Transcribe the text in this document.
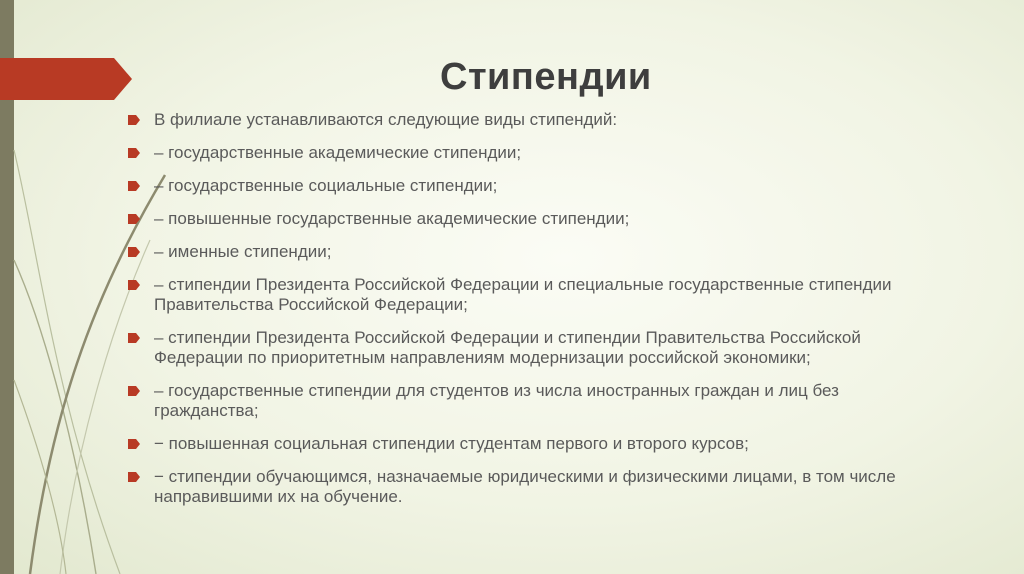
Стипендии
В филиале устанавливаются следующие виды стипендий:
– государственные академические стипендии;
– государственные социальные стипендии;
– повышенные государственные академические стипендии;
– именные стипендии;
– стипендии Президента Российской Федерации и специальные государственные стипендии Правительства Российской Федерации;
– стипендии Президента Российской Федерации и стипендии Правительства Российской Федерации по приоритетным направлениям модернизации российской экономики;
– государственные стипендии для студентов из числа иностранных граждан и лиц без гражданства;
− повышенная социальная стипендии студентам первого и второго курсов;
− стипендии обучающимся, назначаемые юридическими и физическими лицами, в том числе направившими их на обучение.
